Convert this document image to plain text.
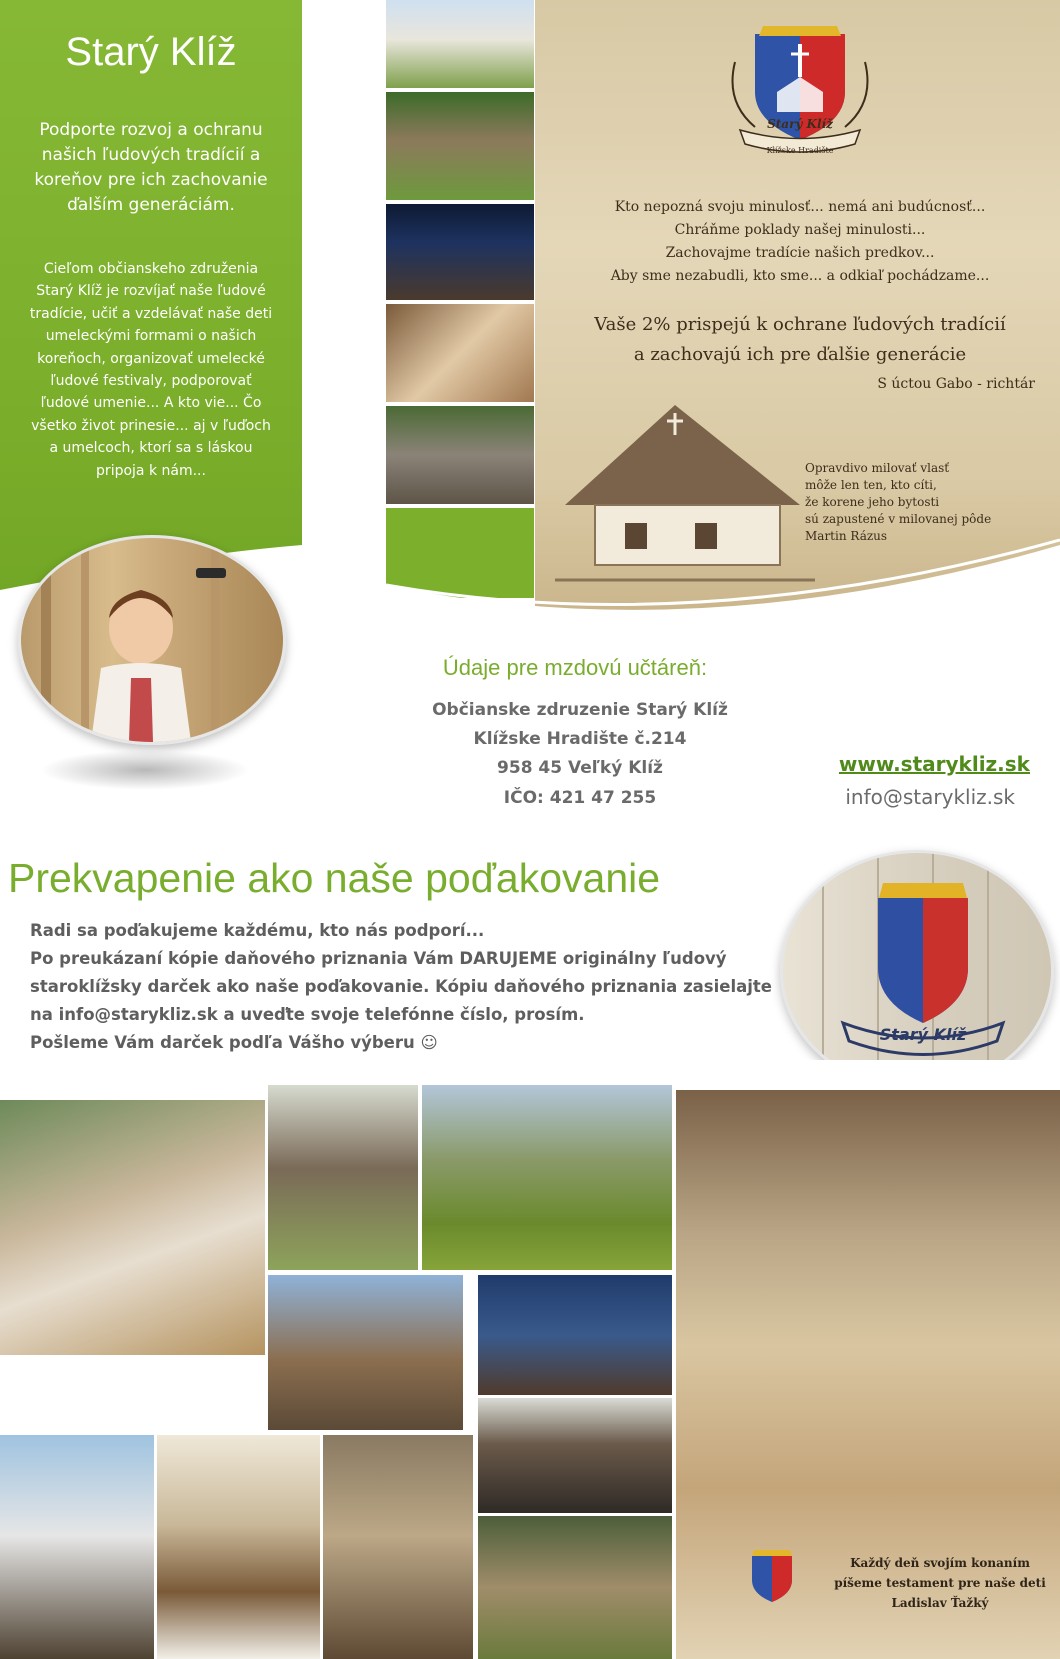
Starý Klíž
Klížske Hradište
Kto nepozná svoju minulosť... nemá ani budúcnosť...
Chráňme poklady našej minulosti...
Zachovajme tradície našich predkov...
Aby sme nezabudli, kto sme... a odkiaľ pochádzame...
Vaše 2% prispejú k ochrane ľudových tradícií
a zachovajú ich pre ďalšie generácie
S úctou Gabo - richtár
Opravdivo milovať vlasť
môže len ten, kto cíti,
že korene jeho bytosti
sú zapustené v milovanej pôde
Martin Rázus
Starý Klíž
Podporte rozvoj a ochranu našich ľudových tradícií a koreňov pre ich zachovanie ďalším generáciám.
Cieľom občianskeho združenia Starý Klíž je rozvíjať naše ľudové tradície, učiť a vzdelávať naše deti umeleckými formami o našich koreňoch, organizovať umelecké ľudové festivaly, podporovať ľudové umenie... A kto vie... Čo všetko život prinesie... aj v ľuďoch a umelcoch, ktorí sa s láskou pripoja k nám...
Údaje pre mzdovú učtáreň:
Občianske zdruzenie Starý Klíž
Klížske Hradište č.214
958 45 Veľký Klíž
IČO: 421 47 255
www.starykliz.sk
info@starykliz.sk
Prekvapenie ako naše poďakovanie
Radi sa poďakujeme každému, kto nás podporí...
Po preukázaní kópie daňového priznania Vám DARUJEME originálny ľudový
staroklížsky darček ako naše poďakovanie. Kópiu daňového priznania zasielajte
na info@starykliz.sk a uveďte svoje telefónne číslo, prosím.
Pošleme Vám darček podľa Vášho výberu ☺	Starý Klíž
Každý deň svojím konaním
píšeme testament pre naše deti
Ladislav Ťažký
